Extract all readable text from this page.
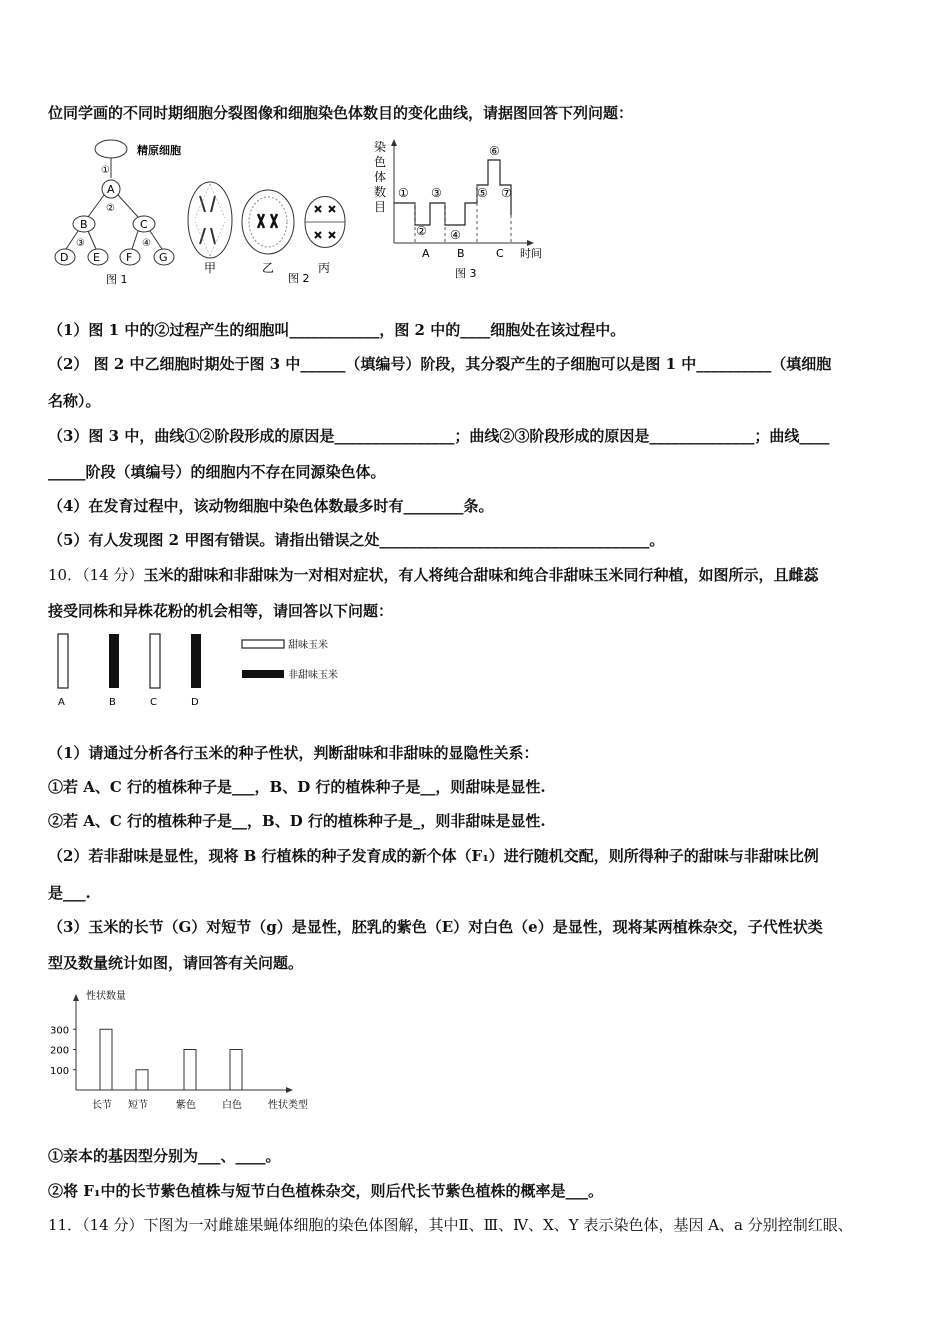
位同学画的不同时期细胞分裂图像和细胞染色体数目的变化曲线，请据图回答下列问题：
精原细胞
①
A
②
B	C
③	④
D E F G
图 1
甲	乙	丙
图 2
染
色
体
数
目
①
②
③
④
⑤
⑥
⑦
A B	C 时间
图 3
（1）图 1 中的②过程产生的细胞叫____________，图 2 中的____细胞处在该过程中。
（2） 图 2 中乙细胞时期处于图 3 中______（填编号）阶段，其分裂产生的子细胞可以是图 1 中__________（填细胞
名称）。
（3）图 3 中，曲线①②阶段形成的原因是________________；曲线②③阶段形成的原因是______________；曲线____
_____阶段（填编号）的细胞内不存在同源染色体。
（4）在发育过程中，该动物细胞中染色体数最多时有________条。
（5）有人发现图 2 甲图有错误。请指出错误之处____________________________________。
10．（14 分）玉米的甜味和非甜味为一对相对症状，有人将纯合甜味和纯合非甜味玉米同行种植，如图所示，且雌蕊
接受同株和异株花粉的机会相等，请回答以下问题：
A	B	C	D
甜味玉米
非甜味玉米
（1）请通过分析各行玉米的种子性状，判断甜味和非甜味的显隐性关系：
①若 A、C 行的植株种子是___，B、D 行的植株种子是__，则甜味是显性.
②若 A、C 行的植株种子是__，B、D 行的植株种子是_，则非甜味是显性.
（2）若非甜味是显性，现将 B 行植株的种子发育成的新个体（F₁）进行随机交配，则所得种子的甜味与非甜味比例
是___.
（3）玉米的长节（G）对短节（g）是显性，胚乳的紫色（E）对白色（e）是显性，现将某两植株杂交，子代性状类
型及数量统计如图，请回答有关问题。
性状数量
性状类型
100
200
300
长节 短节	紫色	白色
①亲本的基因型分别为___、____。
②将 F₁中的长节紫色植株与短节白色植株杂交，则后代长节紫色植株的概率是___。
11．（14 分）下图为一对雌雄果蝇体细胞的染色体图解，其中Ⅱ、Ⅲ、Ⅳ、X、Y 表示染色体，基因 A、a 分别控制红眼、
